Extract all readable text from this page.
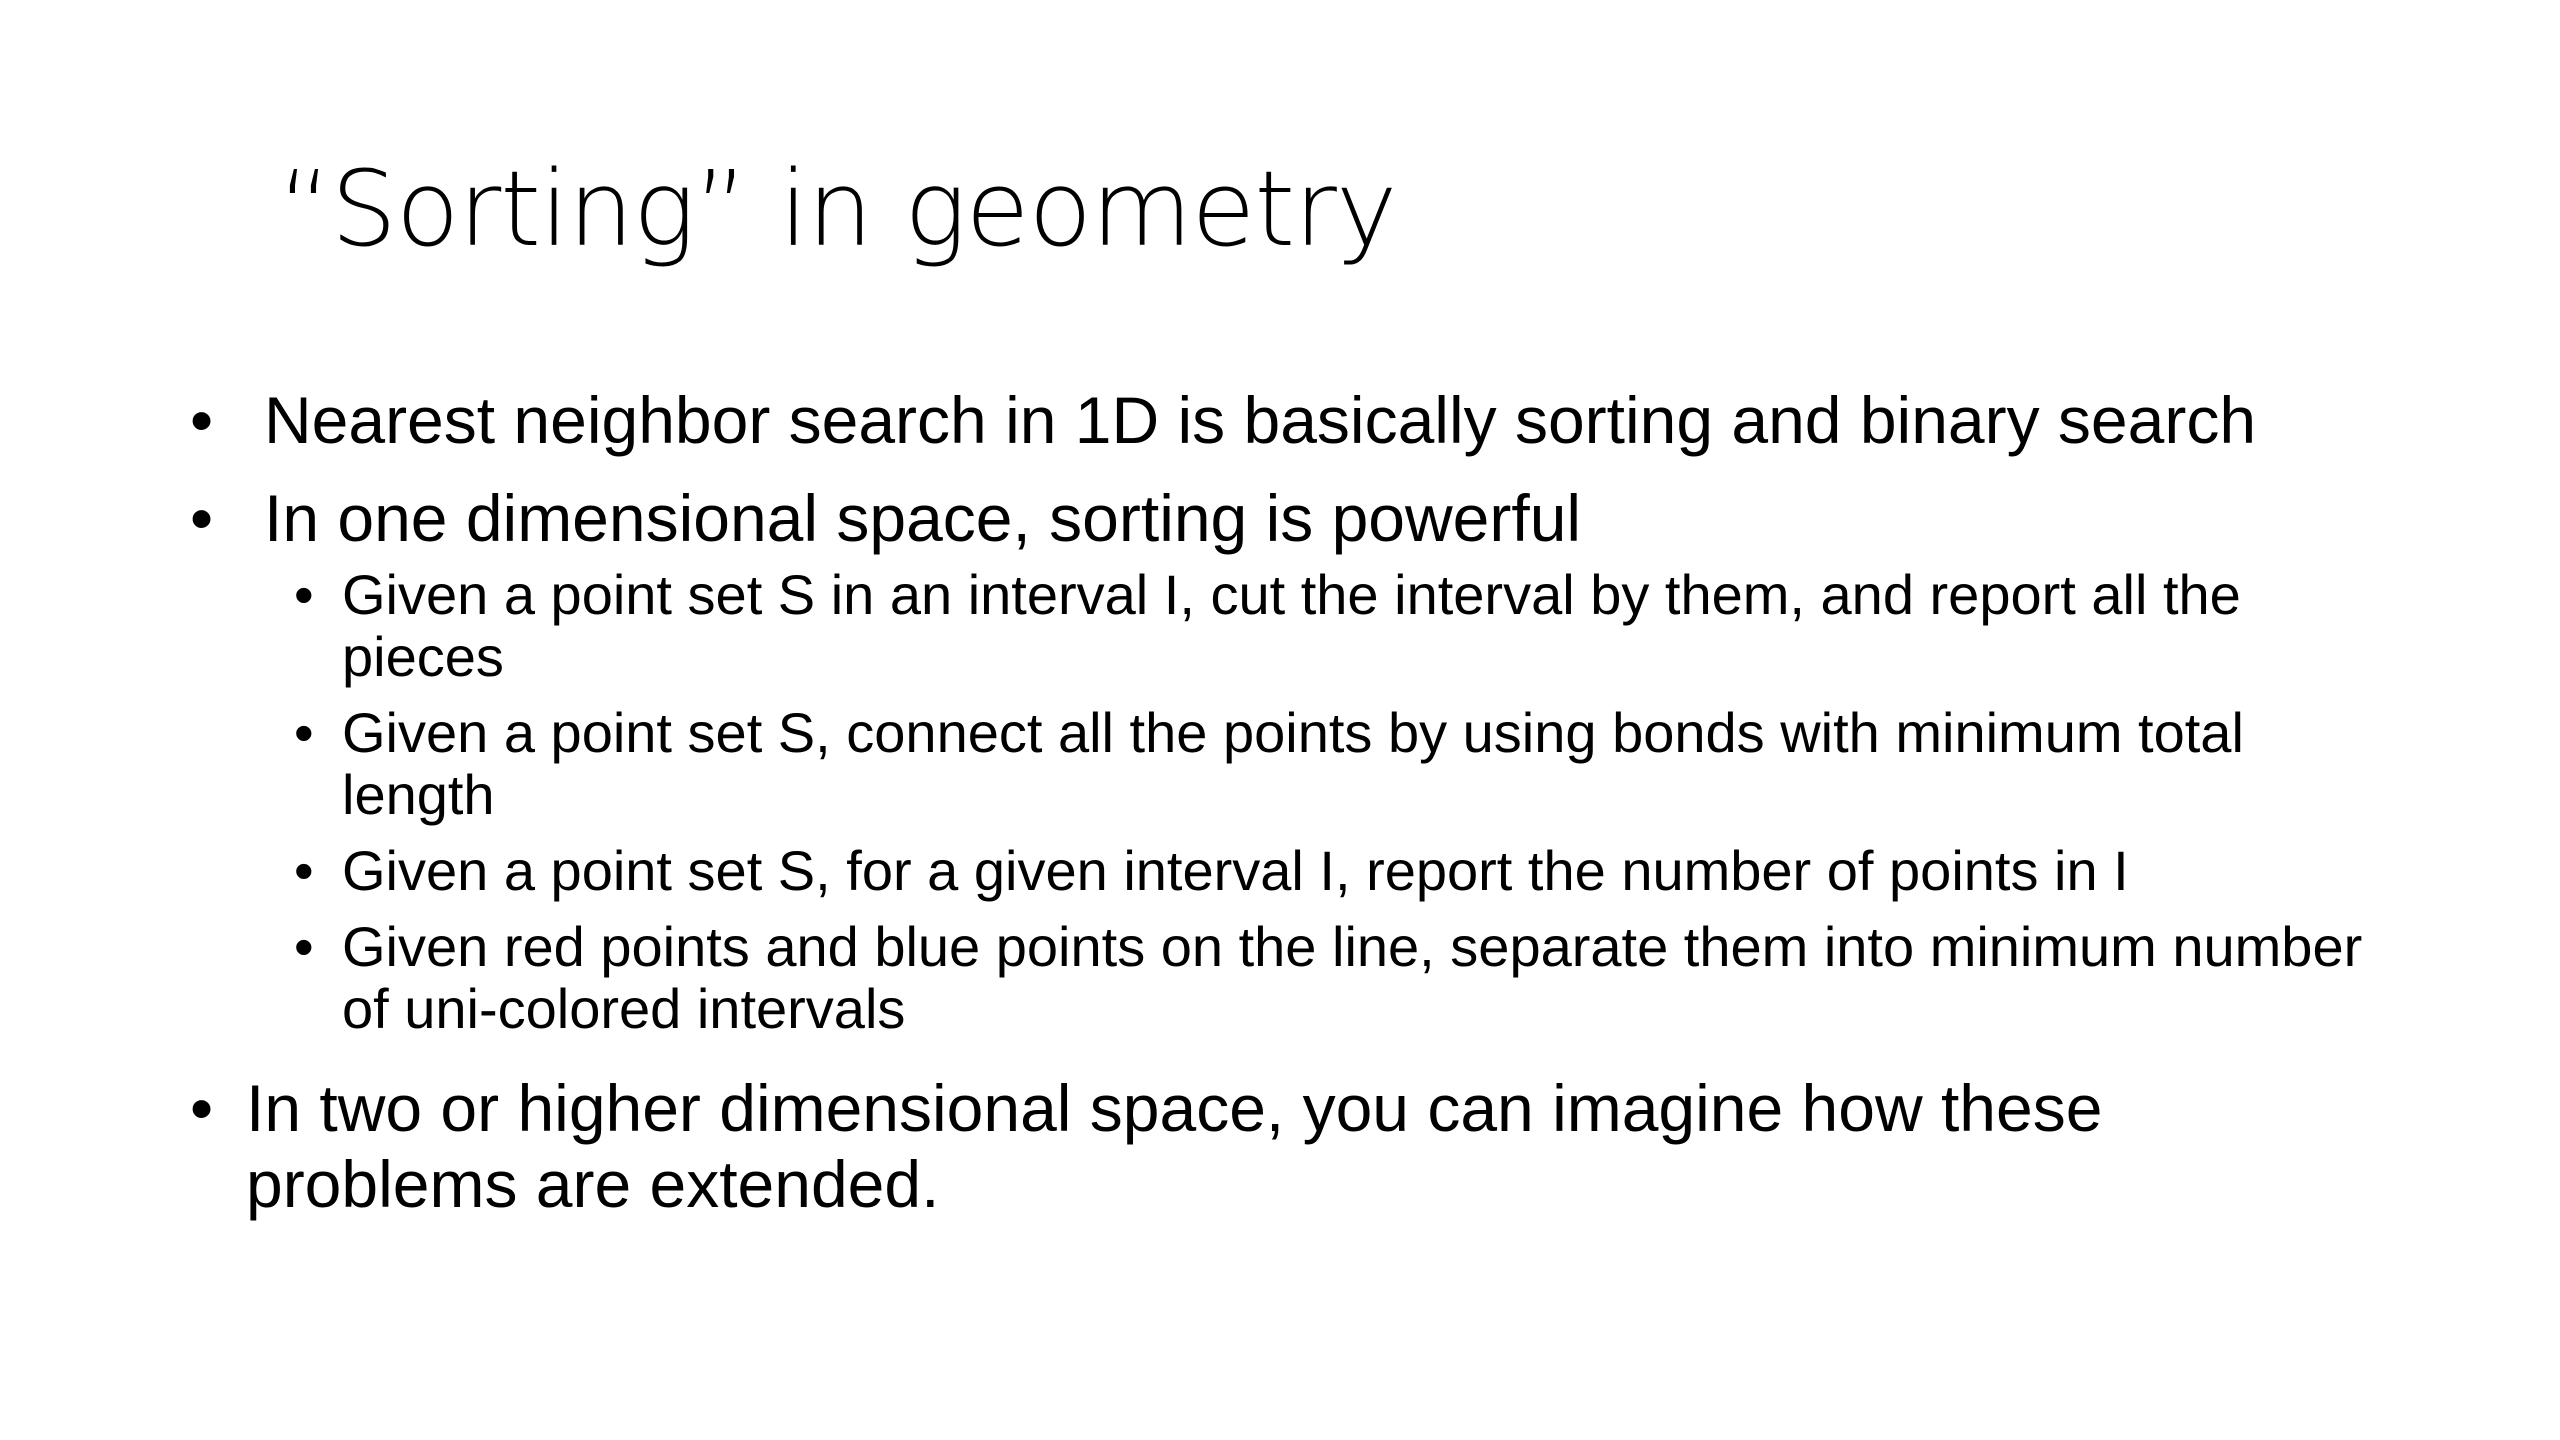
“Sorting” in geometry
• Nearest neighbor search in 1D is basically sorting and binary search
• In one dimensional space, sorting is powerful
• Given a point set S in an interval I, cut the interval by them, and report all the pieces
• Given a point set S, connect all the points by using bonds with minimum total length
• Given a point set S, for a given interval I, report the number of points in I
• Given red points and blue points on the line, separate them into minimum number of uni-colored intervals
• In two or higher dimensional space, you can imagine how these problems are extended.
